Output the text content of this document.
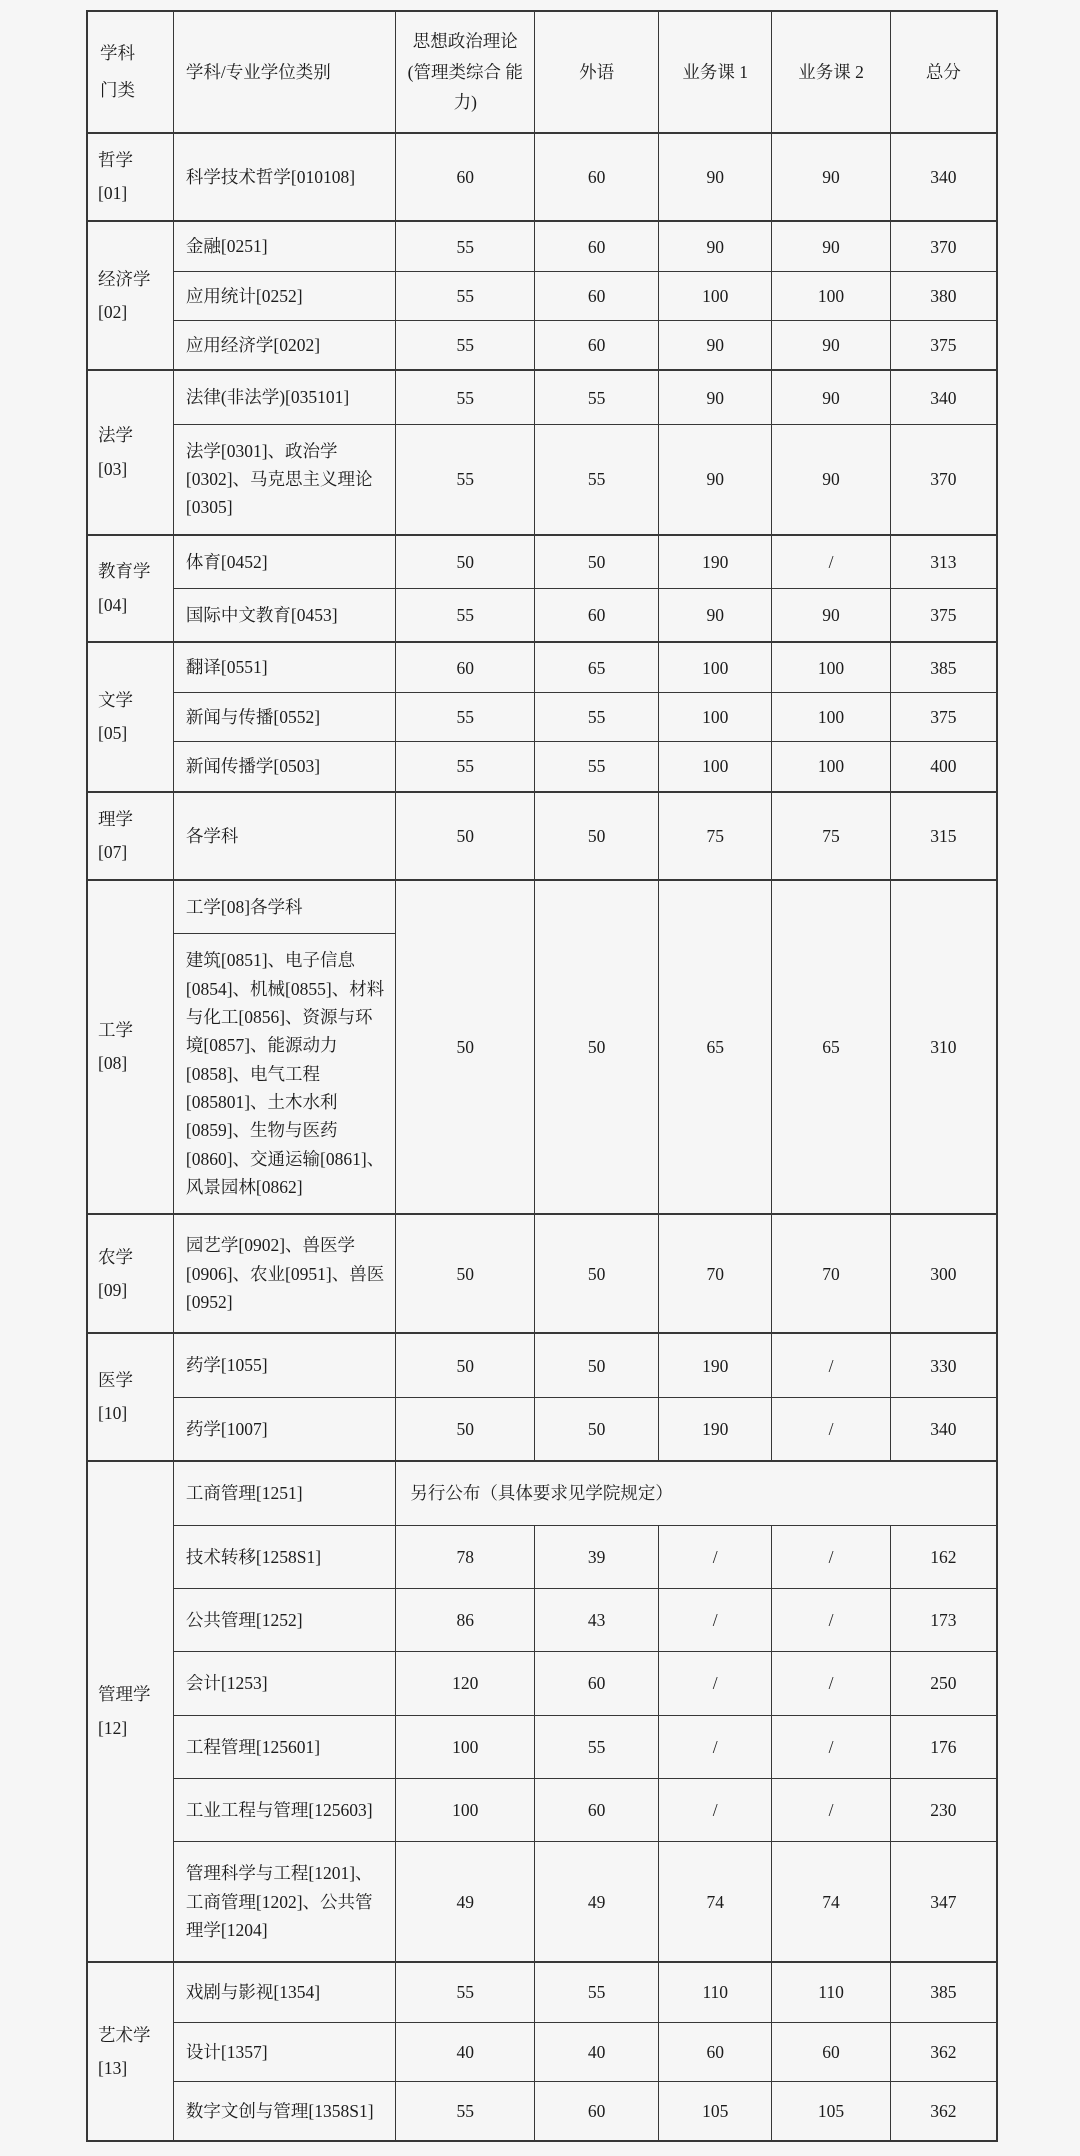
学科
门类	学科/专业学位类别	思想政治理论 (管理类综合 能力)	外语	业务课 1	业务课 2	总分

哲学
[01]	科学技术哲学[010108]	60	60	90	90	340

经济学
[02]	金融[0251]	55	60	90	90	370
	应用统计[0252]	55	60	100	100	380
	应用经济学[0202]	55	60	90	90	375

法学
[03]	法律(非法学)[035101]	55	55	90	90	340
	法学[0301]、政治学[0302]、马克思主义理论[0305]	55	55	90	90	370

教育学
[04]	体育[0452]	50	50	190	/	313
	国际中文教育[0453]	55	60	90	90	375

文学
[05]	翻译[0551]	60	65	100	100	385
	新闻与传播[0552]	55	55	100	100	375
	新闻传播学[0503]	55	55	100	100	400

理学
[07]	各学科	50	50	75	75	315

工学
[08]	工学[08]各学科	50	50	65	65	310
	建筑[0851]、电子信息[0854]、机械[0855]、材料与化工[0856]、资源与环境[0857]、能源动力[0858]、电气工程[085801]、土木水利[0859]、生物与医药[0860]、交通运输[0861]、风景园林[0862]					

农学
[09]	园艺学[0902]、兽医学[0906]、农业[0951]、兽医[0952]	50	50	70	70	300

医学
[10]	药学[1055]	50	50	190	/	330
	药学[1007]	50	50	190	/	340

管理学
[12]	工商管理[1251]	另行公布（具体要求见学院规定）				
	技术转移[1258S1]	78	39	/	/	162
	公共管理[1252]	86	43	/	/	173
	会计[1253]	120	60	/	/	250
	工程管理[125601]	100	55	/	/	176
	工业工程与管理[125603]	100	60	/	/	230
	管理科学与工程[1201]、工商管理[1202]、公共管理学[1204]	49	49	74	74	347

艺术学
[13]	戏剧与影视[1354]	55	55	110	110	385
	设计[1357]	40	40	60	60	362
	数字文创与管理[1358S1]	55	60	105	105	362
